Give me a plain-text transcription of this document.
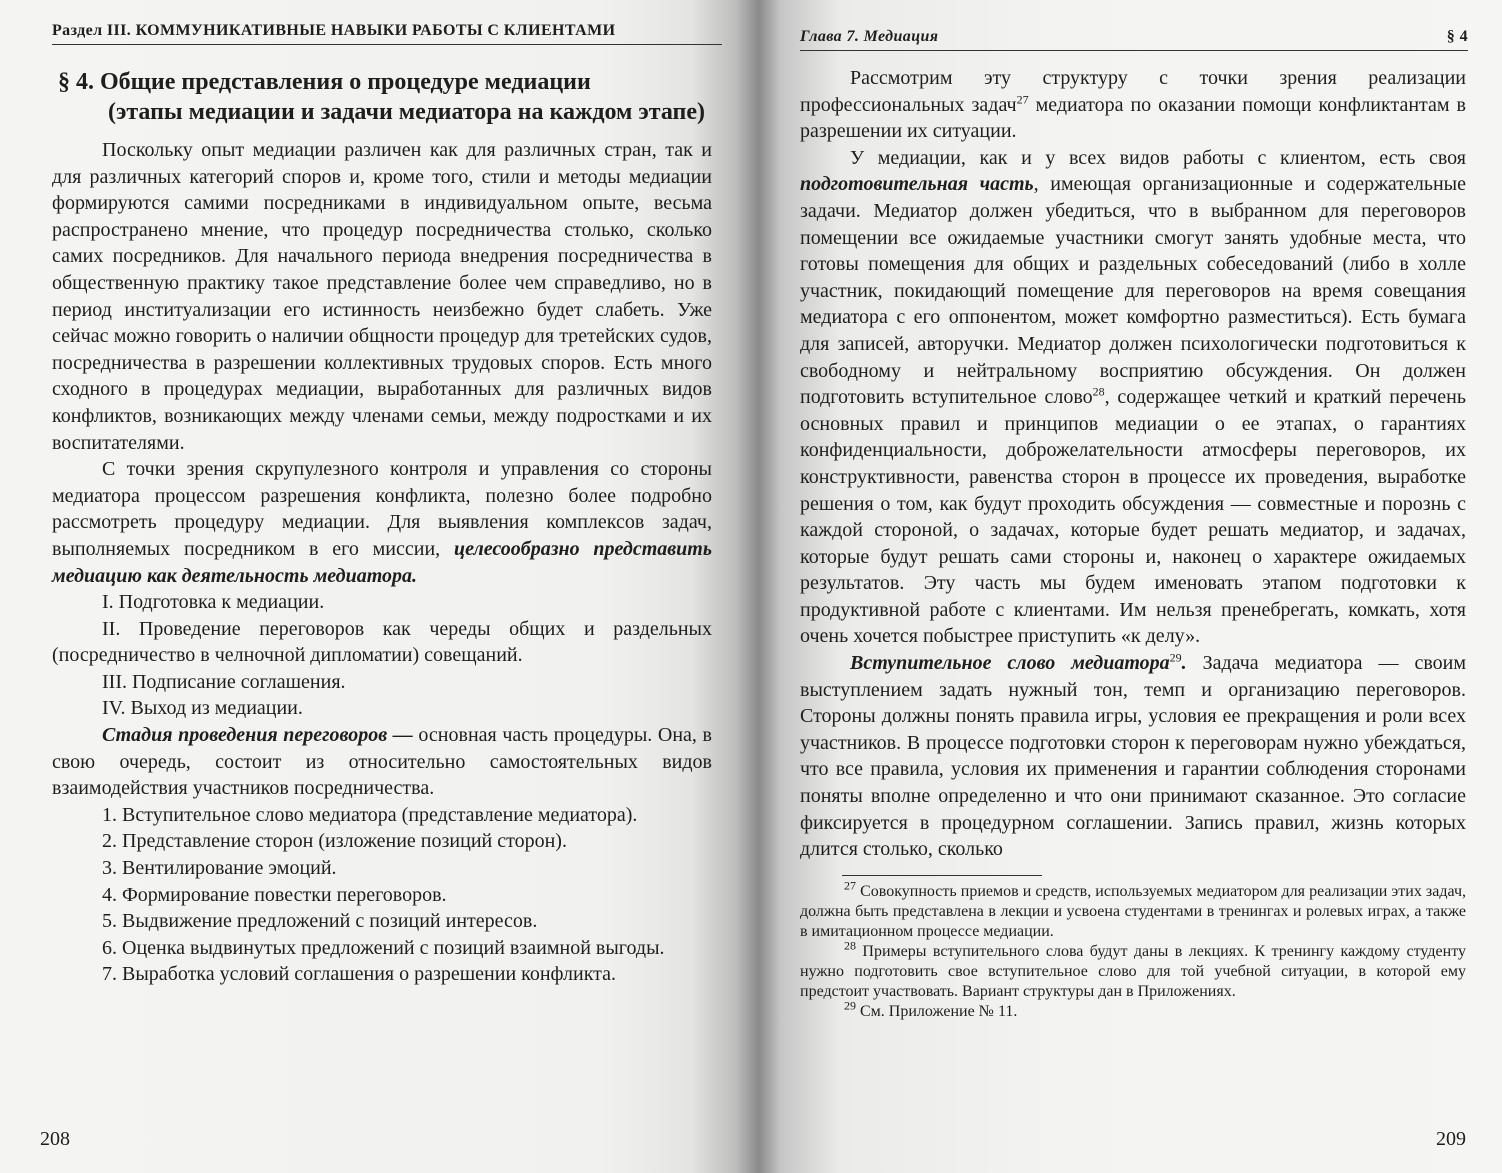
Раздел III. КОММУНИКАТИВНЫЕ НАВЫКИ РАБОТЫ С КЛИЕНТАМИ
§ 4. Общие представления о процедуре медиации
(этапы медиации и задачи медиатора на каждом этапе)

Поскольку опыт медиации различен как для различных стран, так и для различных категорий споров и, кроме того, стили и методы медиации формируются самими посредниками в индивидуальном опыте, весьма распространено мнение, что процедур посредничества столько, сколько самих посредников. Для начального периода внедрения посредничества в общественную практику такое представление более чем справедливо, но в период институализации его истинность неизбежно будет слабеть. Уже сейчас можно говорить о наличии общности процедур для третейских судов, посредничества в разрешении коллективных трудовых споров. Есть много сходного в процедурах медиации, выработанных для различных видов конфликтов, возникающих между членами семьи, между подростками и их воспитателями.

С точки зрения скрупулезного контроля и управления со стороны медиатора процессом разрешения конфликта, полезно более подробно рассмотреть процедуру медиации. Для выявления комплексов задач, выполняемых посредником в его миссии, целесообразно представить медиацию как деятельность медиатора.

I. Подготовка к медиации.

II. Проведение переговоров как череды общих и раздельных (посредничество в челночной дипломатии) совещаний.

III. Подписание соглашения.

IV. Выход из медиации.

Стадия проведения переговоров — основная часть процедуры. Она, в свою очередь, состоит из относительно самостоятельных видов взаимодействия участников посредничества.

1. Вступительное слово медиатора (представление медиатора).

2. Представление сторон (изложение позиций сторон).

3. Вентилирование эмоций.

4. Формирование повестки переговоров.

5. Выдвижение предложений с позиций интересов.

6. Оценка выдвинутых предложений с позиций взаимной выгоды.

7. Выработка условий соглашения о разрешении конфликта.

208
Глава 7. Медиация	§ 4

Рассмотрим эту структуру с точки зрения реализации профессиональных задач$^{27}$ медиатора по оказании помощи конфликтантам в разрешении их ситуации.

У медиации, как и у всех видов работы с клиентом, есть своя подготовительная часть, имеющая организационные и содержательные задачи. Медиатор должен убедиться, что в выбранном для переговоров помещении все ожидаемые участники смогут занять удобные места, что готовы помещения для общих и раздельных собеседований (либо в холле участник, покидающий помещение для переговоров на время совещания медиатора с его оппонентом, может комфортно разместиться). Есть бумага для записей, авторучки. Медиатор должен психологически подготовиться к свободному и нейтральному восприятию обсуждения. Он должен подготовить вступительное слово$^{28}$, содержащее четкий и краткий перечень основных правил и принципов медиации о ее этапах, о гарантиях конфиденциальности, доброжелательности атмосферы переговоров, их конструктивности, равенства сторон в процессе их проведения, выработке решения о том, как будут проходить обсуждения — совместные и порознь с каждой стороной, о задачах, которые будет решать медиатор, и задачах, которые будут решать сами стороны и, наконец о характере ожидаемых результатов. Эту часть мы будем именовать этапом подготовки к продуктивной работе с клиентами. Им нельзя пренебрегать, комкать, хотя очень хочется побыстрее приступить «к делу».

Вступительное слово медиатора$^{29}$. Задача медиатора — своим выступлением задать нужный тон, темп и организацию переговоров. Стороны должны понять правила игры, условия ее прекращения и роли всех участников. В процессе подготовки сторон к переговорам нужно убеждаться, что все правила, условия их применения и гарантии соблюдения сторонами поняты вполне определенно и что они принимают сказанное. Это согласие фиксируется в процедурном соглашении. Запись правил, жизнь которых длится столько, сколько

$^{27}$ Совокупность приемов и средств, используемых медиатором для реализации этих задач, должна быть представлена в лекции и усвоена студентами в тренингах и ролевых играх, а также в имитационном процессе медиации.

$^{28}$ Примеры вступительного слова будут даны в лекциях. К тренингу каждому студенту нужно подготовить свое вступительное слово для той учебной ситуации, в которой ему предстоит участвовать. Вариант структуры дан в Приложениях.

$^{29}$ См. Приложение № 11.

209
